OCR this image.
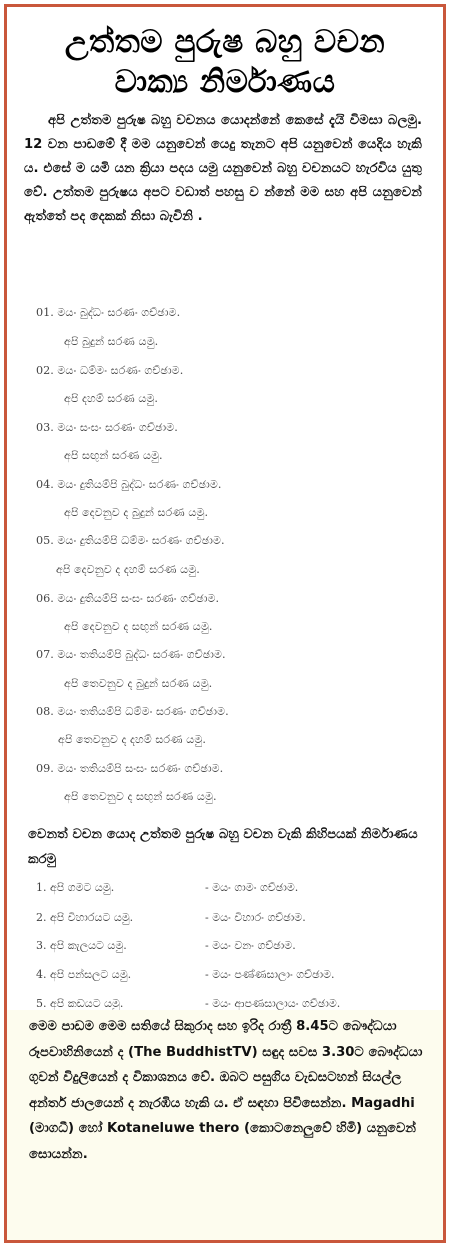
උත්තම පුරුෂ බහු වචන
වාක්‍ය නිර්මාණය

අපි උත්තම පුරුෂ බහු වචනය යොදන්නේ කෙසේ දැයි විමසා බලමු. 12 වන පාඩමේ දී මම යනුවෙන් යෙදු තැනට අපි යනුවෙන් යෙදිය හැකි ය. එසේ ම යමි යන ක්‍රියා පදය යමු යනුවෙන් බහු වචනයට හැරවිය යුතු වේ. උත්තම පුරුෂය අපට වඩාත් පහසු ව න්නේ මම සහ අපි යනුවෙන් ඇත්තේ පද දෙකක් නිසා බැවිනි .

01. මයං බුද්ධං සරණං ගච්ඡාම.
අපි බුදුන් සරණ යමු.
02. මයං ධම්මං සරණං ගච්ඡාම.
අපි දහම් සරණ යමු.
03. මයං සංඝං සරණං ගච්ඡාම.
අපි සඟුන් සරණ යමු.
04. මයං දුතියම්පි බුද්ධං සරණං ගච්ඡාම.
අපි දෙවනුව ද බුදුන් සරණ යමු.
05. මයං දුතියම්පි ධම්මං සරණං ගච්ඡාම.
අපි දෙවනුව ද දහම් සරණ යමු.
06. මයං දුතියම්පි සංඝං සරණං ගච්ඡාම.
අපි දෙවනුව ද සඟුන් සරණ යමු.
07. මයං තතියම්පි බුද්ධං සරණං ගච්ඡාම.
අපි තෙවනුව ද බුදුන් සරණ යමු.
08. මයං තතියම්පි ධම්මං සරණං ගච්ඡාම.
අපි තෙවනුව ද දහම් සරණ යමු.
09. මයං තතියම්පි සංඝං සරණං ගච්ඡාම.
අපි තෙවනුව ද සඟුන් සරණ යමු.
වෙනත් වචන යොද උත්තම පුරුෂ බහු වචන වැකි කිහිපයක් නිර්මාණය කරමු
1. අපි ගමට යමු.	- මයං ගාමං ගච්ඡාම.
2. අපි විහාරයට යමු.	- මයං විහාරං ගච්ඡාම.
3. අපි කැලයට යමු.	- මයං වනං ගච්ඡාම.
4. අපි පන්සලට යමු.	- මයං පණ්ණසාලාං ගච්ඡාම.
5. අපි කඩයට යමු.	- මයං ආපණසාලායං ගච්ඡාම.

මෙම පාඩම මෙම සතියේ සිකුරාද සහ ඉරිද රාත්‍රී 8.45ට බෞද්ධයා රූපවාහිනියෙන් ද (The BuddhistTV) සඳුද සවස 3.30ට බෞද්ධයා ගුවන් විදුලියෙන් ද විකාශනය වේ. ඔබට පසුගිය වැඩසටහන් සියල්ල අන්තර් ජාලයෙන් ද නැරඹිය හැකි ය. ඒ සඳහා පිවිසෙන්න. Magadhi (මාගධී) හෝ Kotaneluwe thero (කොටනෙලුවේ හිමි) යනුවෙන් සොයන්න.
